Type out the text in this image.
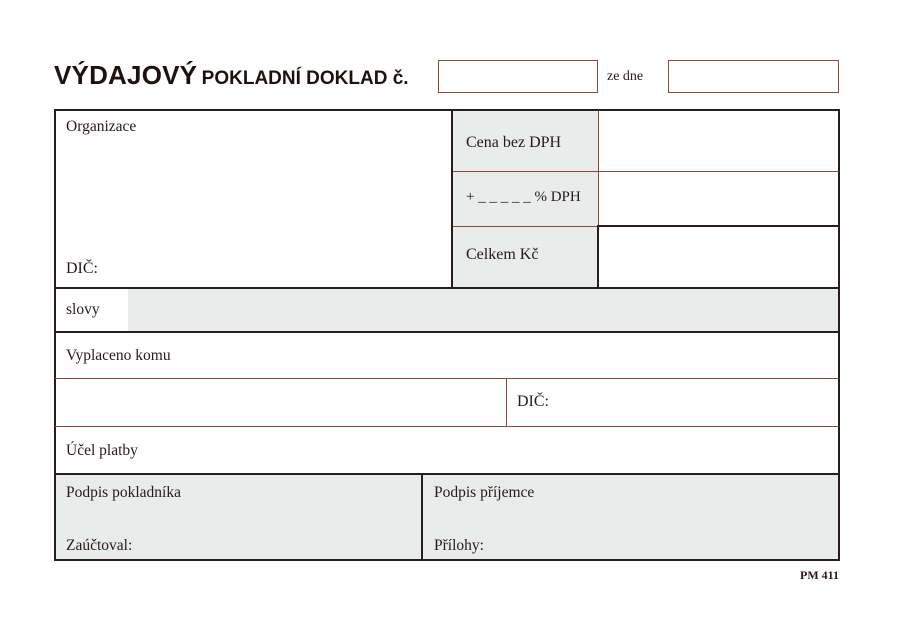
VÝDAJOVÝ POKLADNÍ DOKLAD č.	ze dne
Organizace
DIČ:
Cena bez DPH
+ _ _ _ _ _ % DPH
Celkem Kč
slovy
Vyplaceno komu
DIČ:
Účel platby
Podpis pokladníka
Zaúčtoval:
Podpis příjemce
Přílohy:
PM 411
